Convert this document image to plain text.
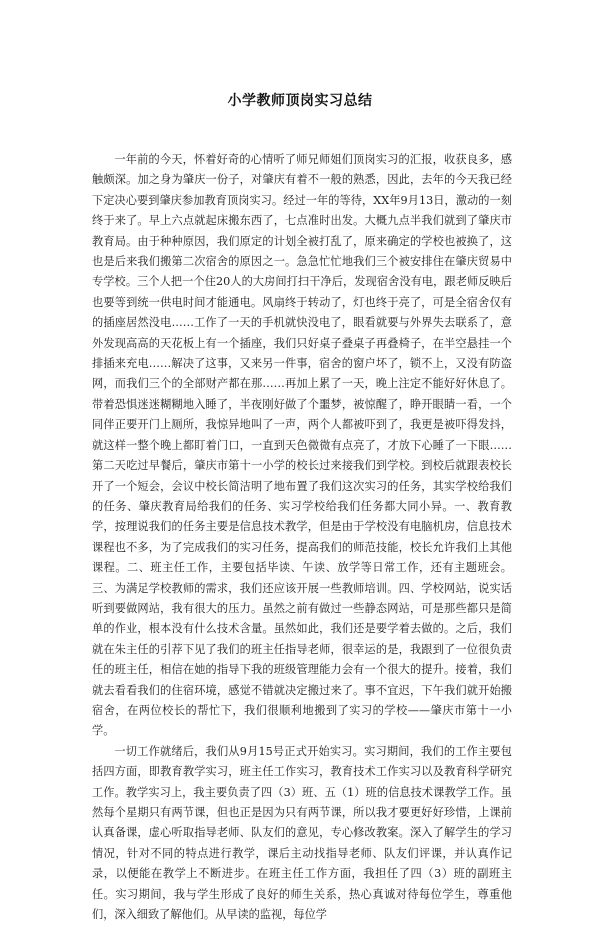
小学教师顶岗实习总结

一年前的今天，怀着好奇的心情听了师兄师姐们顶岗实习的汇报，收获良多，感触颇深。加之身为肇庆一份子，对肇庆有着不一般的熟悉，因此，去年的今天我已经下定决心要到肇庆参加教育顶岗实习。经过一年的等待，XX年9月13日，激动的一刻终于来了。早上六点就起床搬东西了，七点准时出发。大概九点半我们就到了肇庆市教育局。由于种种原因，我们原定的计划全被打乱了，原来确定的学校也被换了，这也是后来我们搬第二次宿舍的原因之一。急急忙忙地我们三个被安排住在肇庆贸易中专学校。三个人把一个住20人的大房间打扫干净后，发现宿舍没有电，跟老师反映后也要等到统一供电时间才能通电。风扇终于转动了，灯也终于亮了，可是全宿舍仅有的插座居然没电……工作了一天的手机就快没电了，眼看就要与外界失去联系了，意外发现高高的天花板上有一个插座，我们只好桌子叠桌子再叠椅子，在半空悬挂一个排插来充电……解决了这事，又来另一件事，宿舍的窗户坏了，锁不上，又没有防盗网，而我们三个的全部财产都在那……再加上累了一天，晚上注定不能好好休息了。带着恐惧迷迷糊糊地入睡了，半夜刚好做了个噩梦，被惊醒了，睁开眼睛一看，一个同伴正要开门上厕所，我惊异地叫了一声，两个人都被吓到了，我更是被吓得发抖，就这样一整个晚上都盯着门口，一直到天色微微有点亮了，才放下心睡了一下眼……第二天吃过早餐后，肇庆市第十一小学的校长过来接我们到学校。到校后就跟表校长开了一个短会，会议中校长简洁明了地布置了我们这次实习的任务，其实学校给我们的任务、肇庆教育局给我们的任务、实习学校给我们任务都大同小异。一、教育教学，按理说我们的任务主要是信息技术教学，但是由于学校没有电脑机房，信息技术课程也不多，为了完成我们的实习任务，提高我们的师范技能，校长允许我们上其他课程。二、班主任工作，主要包括毕读、午读、放学等日常工作，还有主题班会。三、为满足学校教师的需求，我们还应该开展一些教师培训。四、学校网站，说实话听到要做网站，我有很大的压力。虽然之前有做过一些静态网站，可是那些都只是简单的作业，根本没有什么技术含量。虽然如此，我们还是要学着去做的。之后，我们就在朱主任的引荐下见了我们的班主任指导老师，很幸运的是，我跟到了一位很负责任的班主任，相信在她的指导下我的班级管理能力会有一个很大的提升。接着，我们就去看看我们的住宿环境，感觉不错就决定搬过来了。事不宜迟，下午我们就开始搬宿舍，在两位校长的帮忙下，我们很顺利地搬到了实习的学校——肇庆市第十一小学。

一切工作就绪后，我们从9月15号正式开始实习。实习期间，我们的工作主要包括四方面，即教育教学实习，班主任工作实习，教育技术工作实习以及教育科学研究工作。教学实习上，我主要负责了四（3）班、五（1）班的信息技术课教学工作。虽然每个星期只有两节课，但也正是因为只有两节课，所以我才要更好好珍惜，上课前认真备课，虚心听取指导老师、队友们的意见，专心修改教案。深入了解学生的学习情况，针对不同的特点进行教学，课后主动找指导老师、队友们评课，并认真作记录，以便能在教学上不断进步。在班主任工作方面，我担任了四（3）班的副班主任。实习期间，我与学生形成了良好的师生关系，热心真诚对待每位学生，尊重他们，深入细致了解他们。从早读的监视，每位学
